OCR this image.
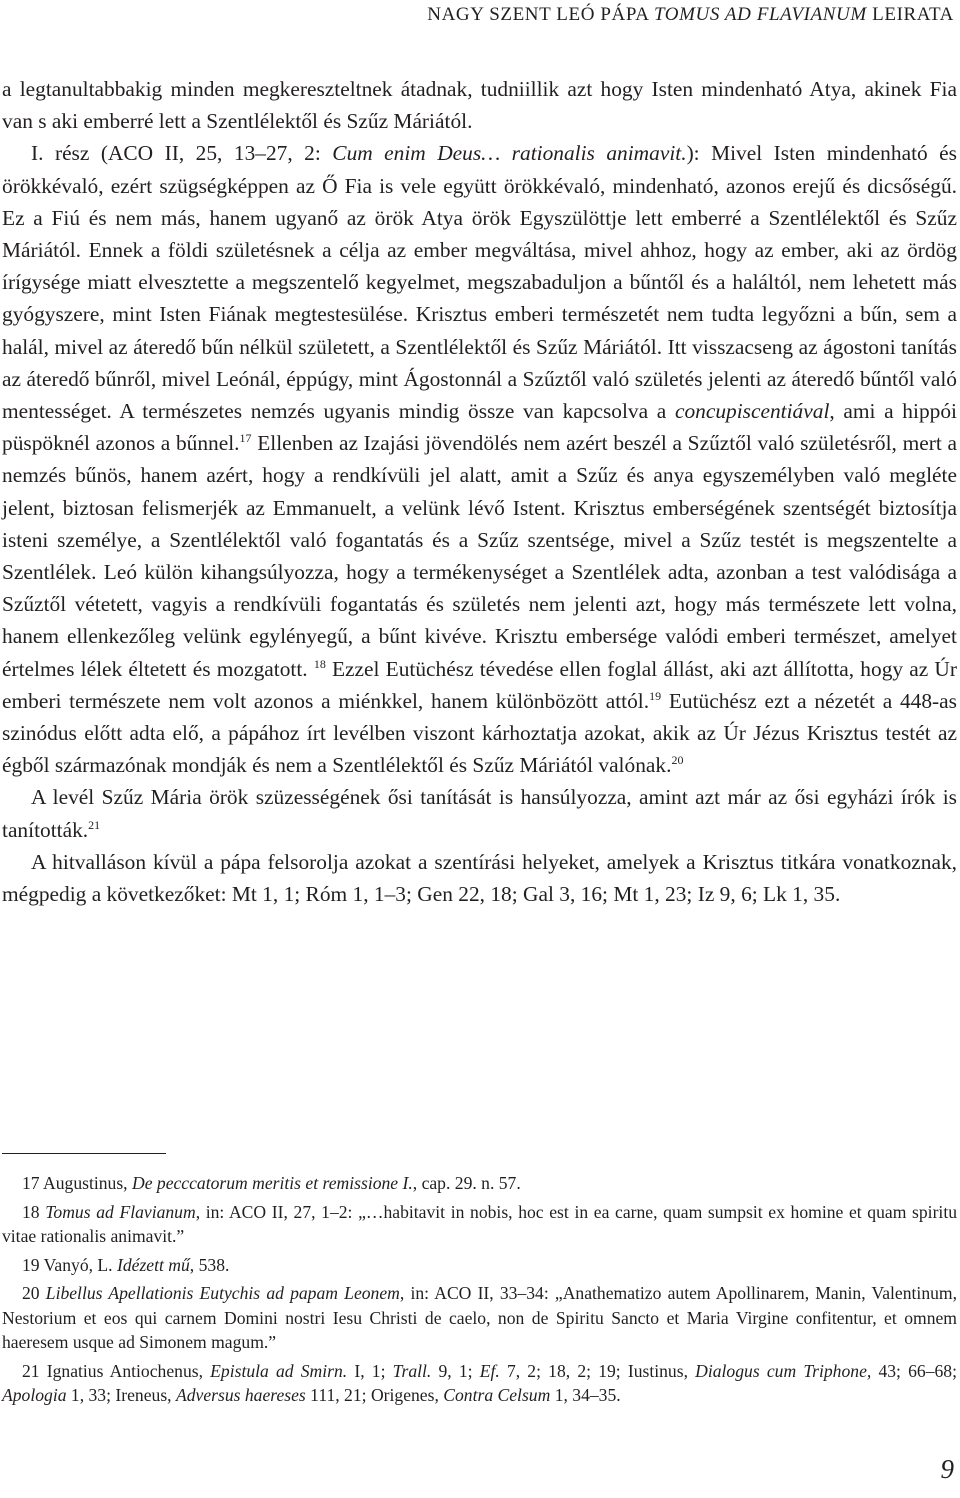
NAGY SZENT LEÓ PÁPA TOMUS AD FLAVIANUM LEIRATA

a legtanultabbakig minden megkereszteltnek átadnak, tudniillik azt hogy Isten mindenható Atya, akinek Fia van s aki emberré lett a Szentlélektől és Szűz Máriától.

I. rész (ACO II, 25, 13–27, 2: Cum enim Deus… rationalis animavit.): Mivel Isten mindenható és örökkévaló, ezért szügségképpen az Ő Fia is vele együtt örökkévaló, mindenható, azonos erejű és dicsőségű. Ez a Fiú és nem más, hanem ugyanő az örök Atya örök Egyszülöttje lett emberré a Szentlélektől és Szűz Máriától. Ennek a földi születésnek a célja az ember megváltása, mivel ahhoz, hogy az ember, aki az ördög írígysége miatt elvesztette a megszentelő kegyelmet, megszabaduljon a bűntől és a haláltól, nem lehetett más gyógyszere, mint Isten Fiának megtestesülése. Krisztus emberi természetét nem tudta legyőzni a bűn, sem a halál, mivel az áteredő bűn nélkül született, a Szentlélektől és Szűz Máriától. Itt visszacseng az ágostoni tanítás az áteredő bűnről, mivel Leónál, éppúgy, mint Ágostonnál a Szűztől való születés jelenti az áteredő bűntől való mentességet. A természetes nemzés ugyanis mindig össze van kapcsolva a concupiscentiával, ami a hippói püspöknél azonos a bűnnel.$^{17}$ Ellenben az Izajási jövendölés nem azért beszél a Szűztől való születésről, mert a nemzés bűnös, hanem azért, hogy a rendkívüli jel alatt, amit a Szűz és anya egyszemélyben való megléte jelent, biztosan felismerjék az Emmanuelt, a velünk lévő Istent. Krisztus emberségének szentségét biztosítja isteni személye, a Szentlélektől való fogantatás és a Szűz szentsége, mivel a Szűz testét is megszentelte a Szentlélek. Leó külön kihangsúlyozza, hogy a termékenységet a Szentlélek adta, azonban a test valódisága a Szűztől vétetett, vagyis a rendkívüli fogantatás és születés nem jelenti azt, hogy más természete lett volna, hanem ellenkezőleg velünk egylényegű, a bűnt kivéve. Krisztu embersége valódi emberi természet, amelyet értelmes lélek éltetett és mozgatott. $^{18}$ Ezzel Eutüchész tévedése ellen foglal állást, aki azt állította, hogy az Úr emberi természete nem volt azonos a miénkkel, hanem különbözött attól.$^{19}$ Eutüchész ezt a nézetét a 448-as szinódus előtt adta elő, a pápához írt levélben viszont kárhoztatja azokat, akik az Úr Jézus Krisztus testét az égből származónak mondják és nem a Szentlélektől és Szűz Máriától valónak.$^{20}$

A levél Szűz Mária örök szüzességének ősi tanítását is hansúlyozza, amint azt már az ősi egyházi írók is tanították.$^{21}$

A hitvalláson kívül a pápa felsorolja azokat a szentírási helyeket, amelyek a Krisztus titkára vonatkoznak, mégpedig a következőket: Mt 1, 1; Róm 1, 1–3; Gen 22, 18; Gal 3, 16; Mt 1, 23; Iz 9, 6; Lk 1, 35.

17 Augustinus, De pecccatorum meritis et remissione I., cap. 29. n. 57.

18 Tomus ad Flavianum, in: ACO II, 27, 1–2: „…habitavit in nobis, hoc est in ea carne, quam sumpsit ex homine et quam spiritu vitae rationalis animavit.”

19 Vanyó, L. Idézett mű, 538.

20 Libellus Apellationis Eutychis ad papam Leonem, in: ACO II, 33–34: „Anathematizo autem Apollinarem, Manin, Valentinum, Nestorium et eos qui carnem Domini nostri Iesu Christi de caelo, non de Spiritu Sancto et Maria Virgine confitentur, et omnem haeresem usque ad Simonem magum.”

21 Ignatius Antiochenus, Epistula ad Smirn. I, 1; Trall. 9, 1; Ef. 7, 2; 18, 2; 19; Iustinus, Dialogus cum Triphone, 43; 66–68; Apologia 1, 33; Ireneus, Adversus haereses 111, 21; Origenes, Contra Celsum 1, 34–35.

9
